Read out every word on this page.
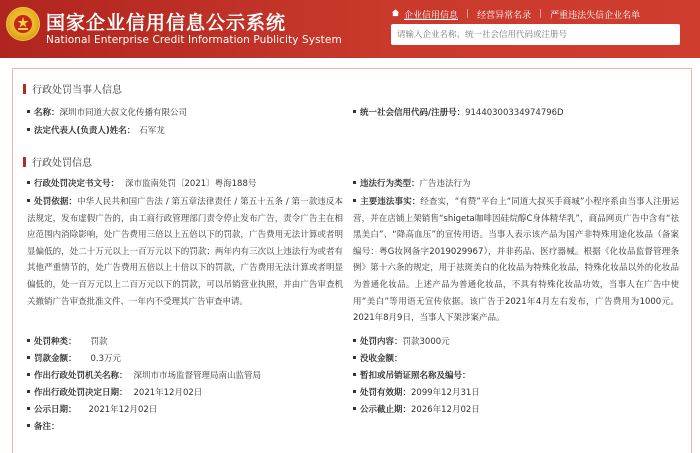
国家企业信用信息公示系统
National Enterprise Credit Information Publicity System
企业信用信息 | 经营异常名录 | 严重违法失信企业名单
请输入企业名称、统一社会信用代码或注册号
行政处罚当事人信息
名称：深圳市同道大叔文化传播有限公司	统一社会信用代码/注册号：91440300334974796D
法定代表人(负责人)姓名： 石军龙
行政处罚信息
行政处罚决定书文号： 深市监南处罚〔2021〕粤海188号	违法行为类型：广告违法行为
处罚依据：中华人民共和国广告法 / 第五章法律责任 / 第五十五条 / 第一款违反本法规定，发布虚假广告的，由工商行政管理部门责令停止发布广告，责令广告主在相应范围内消除影响，处广告费用三倍以上五倍以下的罚款，广告费用无法计算或者明显偏低的，处二十万元以上一百万元以下的罚款；两年内有三次以上违法行为或者有其他严重情节的，处广告费用五倍以上十倍以下的罚款，广告费用无法计算或者明显偏低的，处一百万元以上二百万元以下的罚款，可以吊销营业执照，并由广告审查机关撤销广告审查批准文件、一年内不受理其广告审查申请。
主要违法事实：经查实，“有赞”平台上“同道大叔买手商城”小程序系由当事人注册运营，并在店铺上架销售“shigeta咖啡因硅烷醇C身体精华乳”，商品网页广告中含有“祛黑美白”、“降高血压”的宣传用语。当事人表示该产品为国产非特殊用途化妆品（备案编号：粤G妆网备字2019029967），并非药品、医疗器械。根据《化妆品监督管理条例》第十六条的规定，用于祛斑美白的化妆品为特殊化妆品，特殊化妆品以外的化妆品为普通化妆品。上述产品为普通化妆品，不具有特殊化妆品功效，当事人在广告中使用“美白”等用语无宣传依据。该广告于2021年4月左右发布，广告费用为1000元。2021年8月9日，当事人下架涉案产品。
处罚种类： 罚款	处罚内容：罚款3000元
罚款金额： 0.3万元	没收金额：
作出行政处罚机关名称： 深圳市市场监督管理局南山监管局	暂扣或吊销证照名称及编号：
作出行政处罚决定日期： 2021年12月02日	处罚有效期：2099年12月31日
公示日期： 2021年12月02日	公示截止期：2026年12月02日
备注：
